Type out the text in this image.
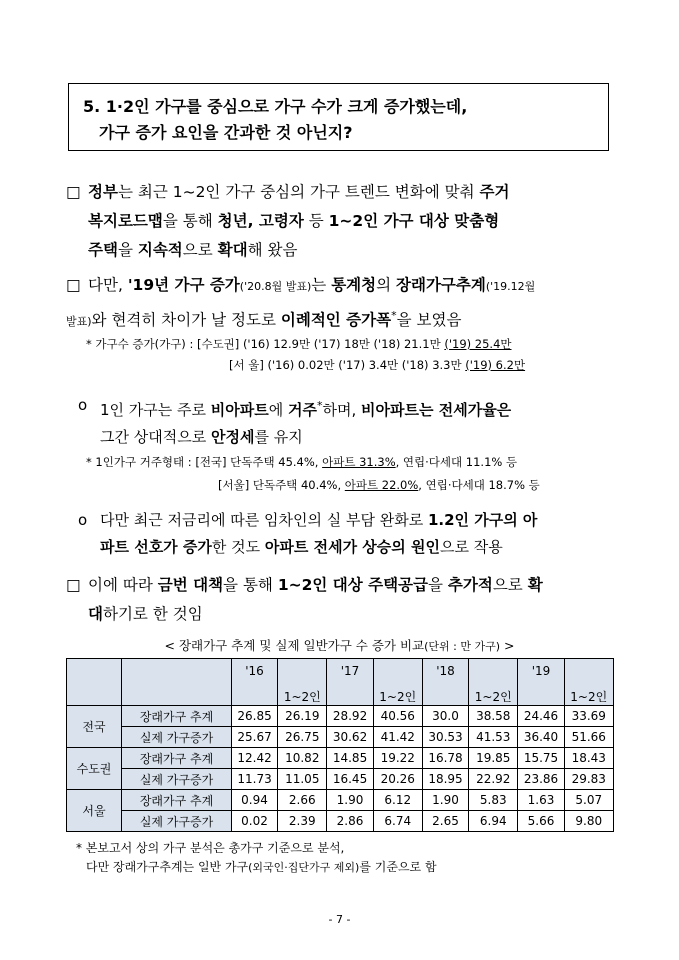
5. 1·2인 가구를 중심으로 가구 수가 크게 증가했는데,
가구 증가 요인을 간과한 것 아닌지?
□ 정부는 최근 1~2인 가구 중심의 가구 트렌드 변화에 맞춰 주거
복지로드맵을 통해 청년, 고령자 등 1~2인 가구 대상 맞춤형
주택을 지속적으로 확대해 왔음
□ 다만, '19년 가구 증가('20.8월 발표)는 통계청의 장래가구추계('19.12월
발표)와 현격히 차이가 날 정도로 이례적인 증가폭*을 보였음
* 가구수 증가(가구) : [수도권] ('16) 12.9만 ('17) 18만 ('18) 21.1만 ('19) 25.4만
[서 울] ('16) 0.02만 ('17) 3.4만 ('18) 3.3만 ('19) 6.2만
ο 1인 가구는 주로 비아파트에 거주*하며, 비아파트는 전세가율은
그간 상대적으로 안정세를 유지
* 1인가구 거주형태 : [전국] 단독주택 45.4%, 아파트 31.3%, 연립·다세대 11.1% 등
[서울] 단독주택 40.4%, 아파트 22.0%, 연립·다세대 18.7% 등
ο 다만 최근 저금리에 따른 임차인의 실 부담 완화로 1.2인 가구의 아
파트 선호가 증가한 것도 아파트 전세가 상승의 원인으로 작용
□ 이에 따라 금번 대책을 통해 1~2인 대상 주택공급을 추가적으로 확
대하기로 한 것임
< 장래가구 추계 및 실제 일반가구 수 증가 비교(단위 : 만 가구) >
		'16	1~2인	'17	1~2인	'18	1~2인	'19	1~2인

전국	장래가구 추계	26.85	26.19	28.92	40.56	30.0	38.58	24.46	33.69
	실제 가구증가	25.67	26.75	30.62	41.42	30.53	41.53	36.40	51.66
수도권	장래가구 추계	12.42	10.82	14.85	19.22	16.78	19.85	15.75	18.43
	실제 가구증가	11.73	11.05	16.45	20.26	18.95	22.92	23.86	29.83
서울	장래가구 추계	0.94	2.66	1.90	6.12	1.90	5.83	1.63	5.07
	실제 가구증가	0.02	2.39	2.86	6.74	2.65	6.94	5.66	9.80
* 본보고서 상의 가구 분석은 총가구 기준으로 분석,
다만 장래가구추계는 일반 가구(외국인·집단가구 제외)를 기준으로 함
- 7 -
